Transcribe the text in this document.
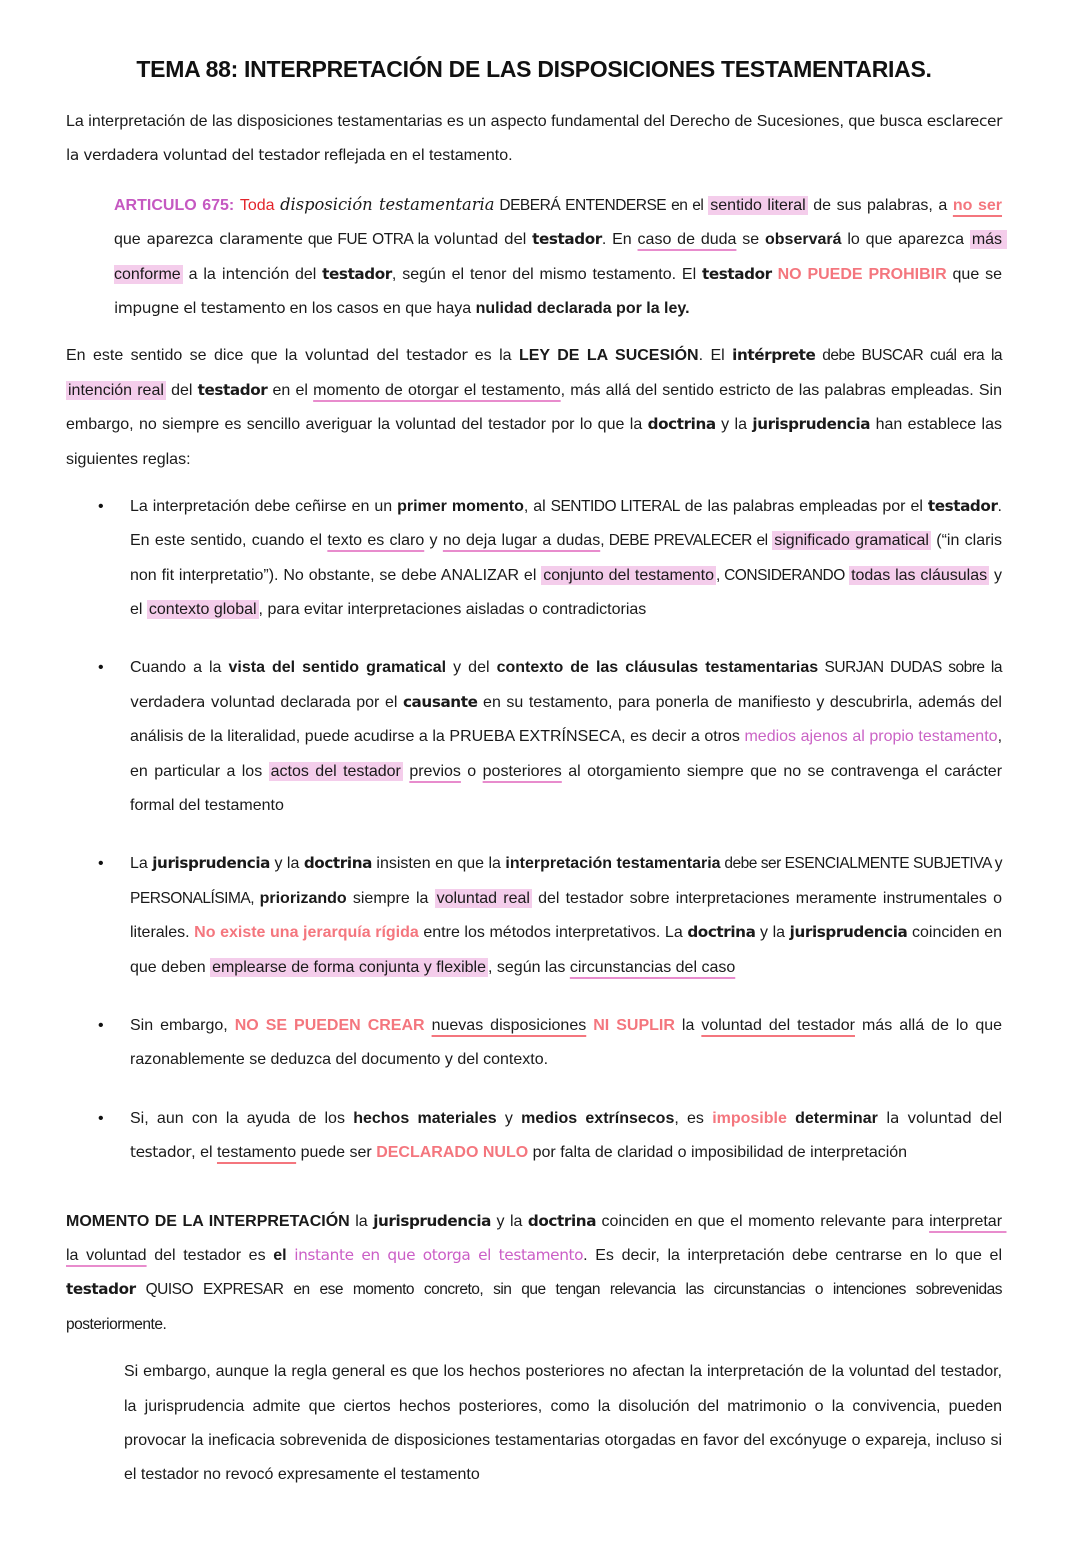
TEMA 88: INTERPRETACIÓN DE LAS DISPOSICIONES TESTAMENTARIAS.

La interpretación de las disposiciones testamentarias es un aspecto fundamental del Derecho de Sucesiones, que busca esclarecer la verdadera voluntad del testador reflejada en el testamento.

ARTICULO 675: Toda disposición testamentaria DEBERÁ ENTENDERSE en el sentido literal de sus palabras, a no ser que aparezca claramente que FUE OTRA la voluntad del testador. En caso de duda se observará lo que aparezca más conforme a la intención del testador, según el tenor del mismo testamento. El testador NO PUEDE PROHIBIR que se impugne el testamento en los casos en que haya nulidad declarada por la ley.

En este sentido se dice que la voluntad del testador es la LEY DE LA SUCESIÓN. El intérprete debe BUSCAR cuál era la intención real del testador en el momento de otorgar el testamento, más allá del sentido estricto de las palabras empleadas. Sin embargo, no siempre es sencillo averiguar la voluntad del testador por lo que la doctrina y la jurisprudencia han establece las siguientes reglas:

• La interpretación debe ceñirse en un primer momento, al SENTIDO LITERAL de las palabras empleadas por el testador. En este sentido, cuando el texto es claro y no deja lugar a dudas, DEBE PREVALECER el significado gramatical (“in claris non fit interpretatio”). No obstante, se debe ANALIZAR el conjunto del testamento , CONSIDERANDO todas las cláusulas y el contexto global , para evitar interpretaciones aisladas o contradictorias
• Cuando a la vista del sentido gramatical y del contexto de las cláusulas testamentarias SURJAN DUDAS sobre la verdadera voluntad declarada por el causante en su testamento, para ponerla de manifiesto y descubrirla, además del análisis de la literalidad, puede acudirse a la PRUEBA EXTRÍNSECA, es decir a otros medios ajenos al propio testamento, en particular a los actos del testador previos o posteriores al otorgamiento siempre que no se contravenga el carácter formal del testamento
• La jurisprudencia y la doctrina insisten en que la interpretación testamentaria debe ser ESENCIALMENTE SUBJETIVA y PERSONALÍSIMA, priorizando siempre la voluntad real del testador sobre interpretaciones meramente instrumentales o literales. No existe una jerarquía rígida entre los métodos interpretativos. La doctrina y la jurisprudencia coinciden en que deben emplearse de forma conjunta y flexible , según las circunstancias del caso
• Sin embargo, NO SE PUEDEN CREAR nuevas disposiciones NI SUPLIR la voluntad del testador más allá de lo que razonablemente se deduzca del documento y del contexto.
• Si, aun con la ayuda de los hechos materiales y medios extrínsecos, es imposible determinar la voluntad del testador, el testamento puede ser DECLARADO NULO por falta de claridad o imposibilidad de interpretación

MOMENTO DE LA INTERPRETACIÓN la jurisprudencia y la doctrina coinciden en que el momento relevante para interpretar la voluntad del testador es el instante en que otorga el testamento. Es decir, la interpretación debe centrarse en lo que el testador QUISO EXPRESAR en ese momento concreto, sin que tengan relevancia las circunstancias o intenciones sobrevenidas posteriormente.

Si embargo, aunque la regla general es que los hechos posteriores no afectan la interpretación de la voluntad del testador, la jurisprudencia admite que ciertos hechos posteriores, como la disolución del matrimonio o la convivencia, pueden provocar la ineficacia sobrevenida de disposiciones testamentarias otorgadas en favor del excónyuge o expareja, incluso si el testador no revocó expresamente el testamento
